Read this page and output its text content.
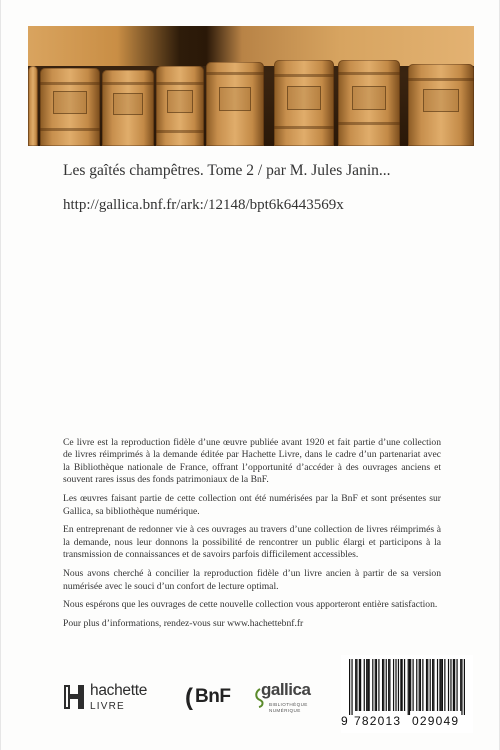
Les gaîtés champêtres. Tome 2 / par M. Jules Janin...
http://gallica.bnf.fr/ark:/12148/bpt6k6443569x

Ce livre est la reproduction fidèle d’une œuvre publiée avant 1920 et fait partie d’une collection de livres réimprimés à la demande éditée par Hachette Livre, dans le cadre d’un partenariat avec la Bibliothèque nationale de France, offrant l’opportunité d’accéder à des ouvrages anciens et souvent rares issus des fonds patrimoniaux de la BnF.

Les œuvres faisant partie de cette collection ont été numérisées par la BnF et sont présentes sur Gallica, sa bibliothèque numérique.

En entreprenant de redonner vie à ces ouvrages au travers d’une collection de livres réimprimés à la demande, nous leur donnons la possibilité de rencontrer un public élargi et participons à la transmission de connaissances et de savoirs parfois difficilement accessibles.

Nous avons cherché à concilier la reproduction fidèle d’un livre ancien à partir de sa version numérisée avec le souci d’un confort de lecture optimal.

Nous espérons que les ouvrages de cette nouvelle collection vous apporteront entière satisfaction.

Pour plus d’informations, rendez-vous sur www.hachettebnf.fr

hachette
LIVRE	( BnF gallica
BIBLIOTHÈQUE
NUMÉRIQUE
9 782013 029049
